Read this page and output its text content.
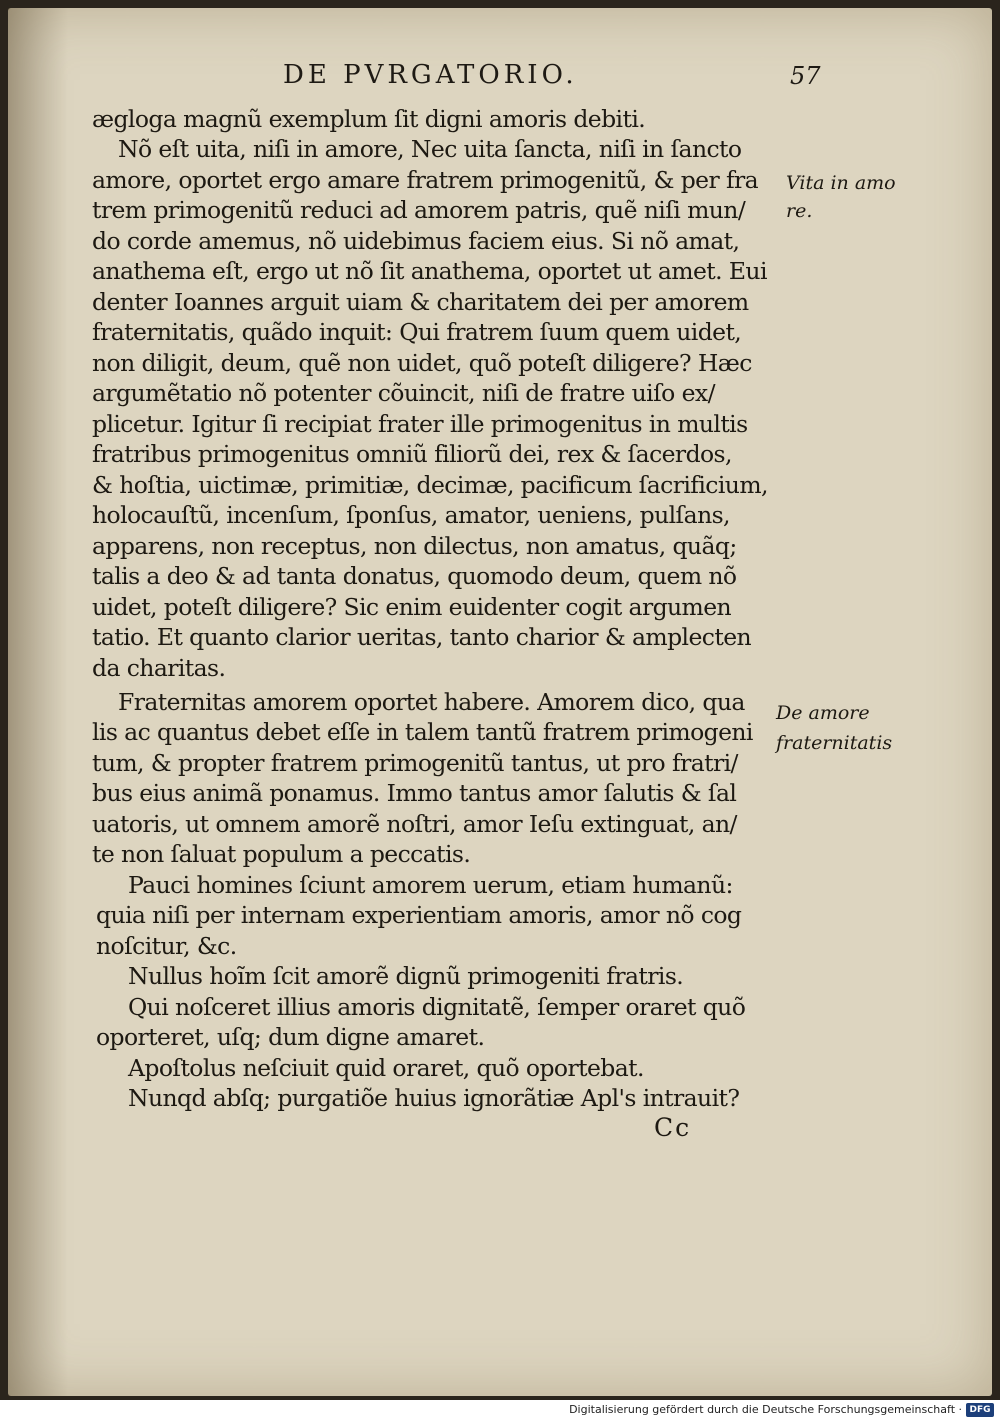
DE PVRGATORIO.	57
ægloga magnũ exemplum ſit digni amoris debiti.
Nõ eſt uita, niſi in amore, Nec uita ſancta, niſi in ſancto
amore, oportet ergo amare fratrem primogenitũ, & per fra
trem primogenitũ reduci ad amorem patris, quẽ niſi mun/
do corde amemus, nõ uidebimus faciem eius. Si nõ amat,
anathema eſt, ergo ut nõ ſit anathema, oportet ut amet. Eui
denter Ioannes arguit uiam & charitatem dei per amorem
fraternitatis, quãdo inquit: Qui fratrem ſuum quem uidet,
non diligit, deum, quẽ non uidet, quõ poteſt diligere? Hæc
argumẽtatio nõ potenter cõuincit, niſi de fratre uiſo ex/
plicetur. Igitur ſi recipiat frater ille primogenitus in multis
fratribus primogenitus omniũ filiorũ dei, rex & ſacerdos,
& hoſtia, uictimæ, primitiæ, decimæ, pacificum ſacrificium,
holocauſtũ, incenſum, ſponſus, amator, ueniens, pulſans,
apparens, non receptus, non dilectus, non amatus, quãq;
talis a deo & ad tanta donatus, quomodo deum, quem nõ
uidet, poteſt diligere? Sic enim euidenter cogit argumen
tatio. Et quanto clarior ueritas, tanto charior & amplecten
da charitas.
Fraternitas amorem oportet habere. Amorem dico, qua
lis ac quantus debet eſſe in talem tantũ fratrem primogeni
tum, & propter fratrem primogenitũ tantus, ut pro fratri/
bus eius animã ponamus. Immo tantus amor ſalutis & ſal
uatoris, ut omnem amorẽ noſtri, amor Ieſu extinguat, an/
te non ſaluat populum a peccatis.
Pauci homines ſciunt amorem uerum, etiam humanũ:
quia niſi per internam experientiam amoris, amor nõ cog
noſcitur, &c.
Nullus hoĩm ſcit amorẽ dignũ primogeniti fratris.
Qui noſceret illius amoris dignitatẽ, ſemper oraret quõ
oporteret, uſq; dum digne amaret.
Apoſtolus neſciuit quid oraret, quõ oportebat.
Nunqd abſq; purgatiõe huius ignorãtiæ Apl's intrauit?
Vita in amo
re.
De amore
fraternitatis
Cc
Digitalisierung gefördert durch die Deutsche Forschungsgemeinschaft · DFG
